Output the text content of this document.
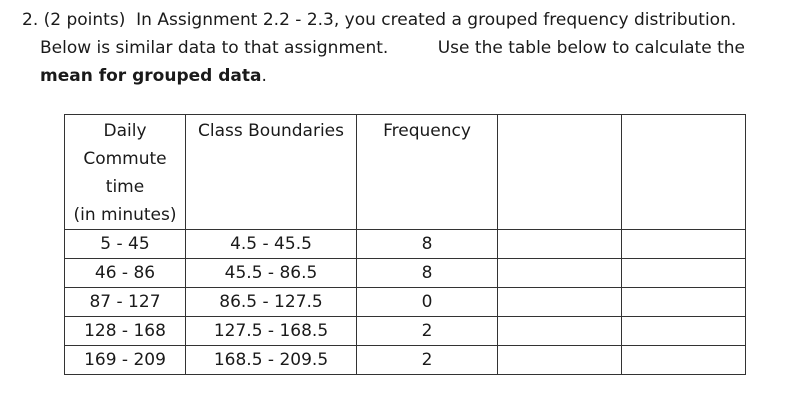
2. (2 points) In Assignment 2.2 - 2.3, you created a grouped frequency distribution.
Below is similar data to that assignment.	Use the table below to calculate the
mean for grouped data.
Daily
Commute
time
(in minutes)	Class Boundaries	Frequency		
5 - 45	4.5 - 45.5	8		
46 - 86	45.5 - 86.5	8		
87 - 127	86.5 - 127.5	0		
128 - 168	127.5 - 168.5	2		
169 - 209	168.5 - 209.5	2		
